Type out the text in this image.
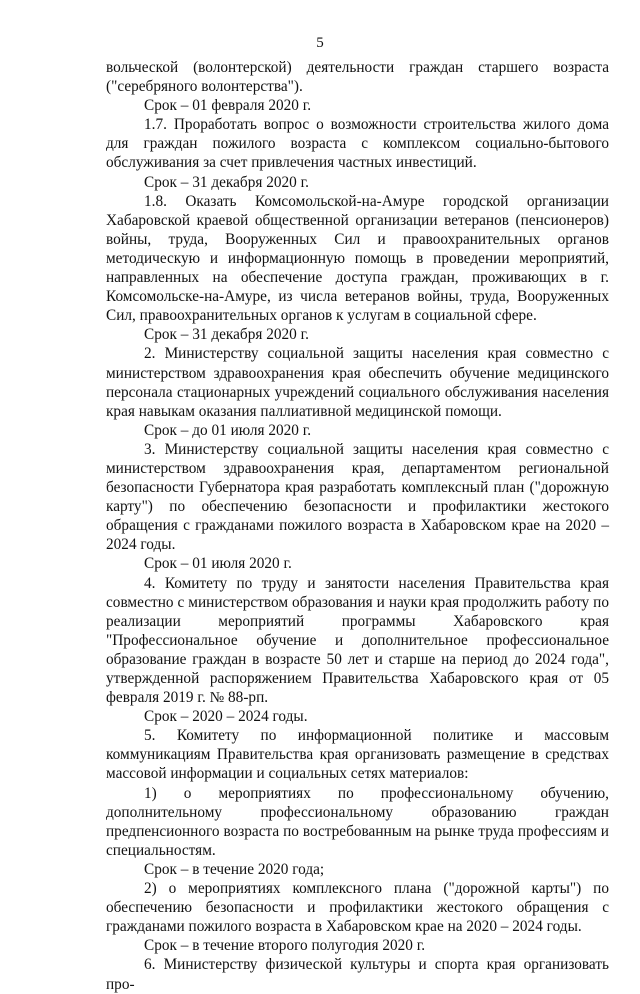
5

вольческой (волонтерской) деятельности граждан старшего возраста ("серебряного волонтерства").

Срок – 01 февраля 2020 г.

1.7. Проработать вопрос о возможности строительства жилого дома для граждан пожилого возраста с комплексом социально-бытового обслуживания за счет привлечения частных инвестиций.

Срок – 31 декабря 2020 г.

1.8. Оказать Комсомольской-на-Амуре городской организации Хабаровской краевой общественной организации ветеранов (пенсионеров) войны, труда, Вооруженных Сил и правоохранительных органов методическую и информационную помощь в проведении мероприятий, направленных на обеспечение доступа граждан, проживающих в г. Комсомольске-на-Амуре, из числа ветеранов войны, труда, Вооруженных Сил, правоохранительных органов к услугам в социальной сфере.

Срок – 31 декабря 2020 г.

2. Министерству социальной защиты населения края совместно с министерством здравоохранения края обеспечить обучение медицинского персонала стационарных учреждений социального обслуживания населения края навыкам оказания паллиативной медицинской помощи.

Срок – до 01 июля 2020 г.

3. Министерству социальной защиты населения края совместно с министерством здравоохранения края, департаментом региональной безопасности Губернатора края разработать комплексный план ("дорожную карту") по обеспечению безопасности и профилактики жестокого обращения с гражданами пожилого возраста в Хабаровском крае на 2020 – 2024 годы.

Срок – 01 июля 2020 г.

4. Комитету по труду и занятости населения Правительства края совместно с министерством образования и науки края продолжить работу по реализации мероприятий программы Хабаровского края "Профессиональное обучение и дополнительное профессиональное образование граждан в возрасте 50 лет и старше на период до 2024 года", утвержденной распоряжением Правительства Хабаровского края от 05 февраля 2019 г. № 88-рп.

Срок – 2020 – 2024 годы.

5. Комитету по информационной политике и массовым коммуникациям Правительства края организовать размещение в средствах массовой информации и социальных сетях материалов:

1) о мероприятиях по профессиональному обучению, дополнительному профессиональному образованию граждан предпенсионного возраста по востребованным на рынке труда профессиям и специальностям.

Срок – в течение 2020 года;

2) о мероприятиях комплексного плана ("дорожной карты") по обеспечению безопасности и профилактики жестокого обращения с гражданами пожилого возраста в Хабаровском крае на 2020 – 2024 годы.

Срок – в течение второго полугодия 2020 г.

6. Министерству физической культуры и спорта края организовать про-
